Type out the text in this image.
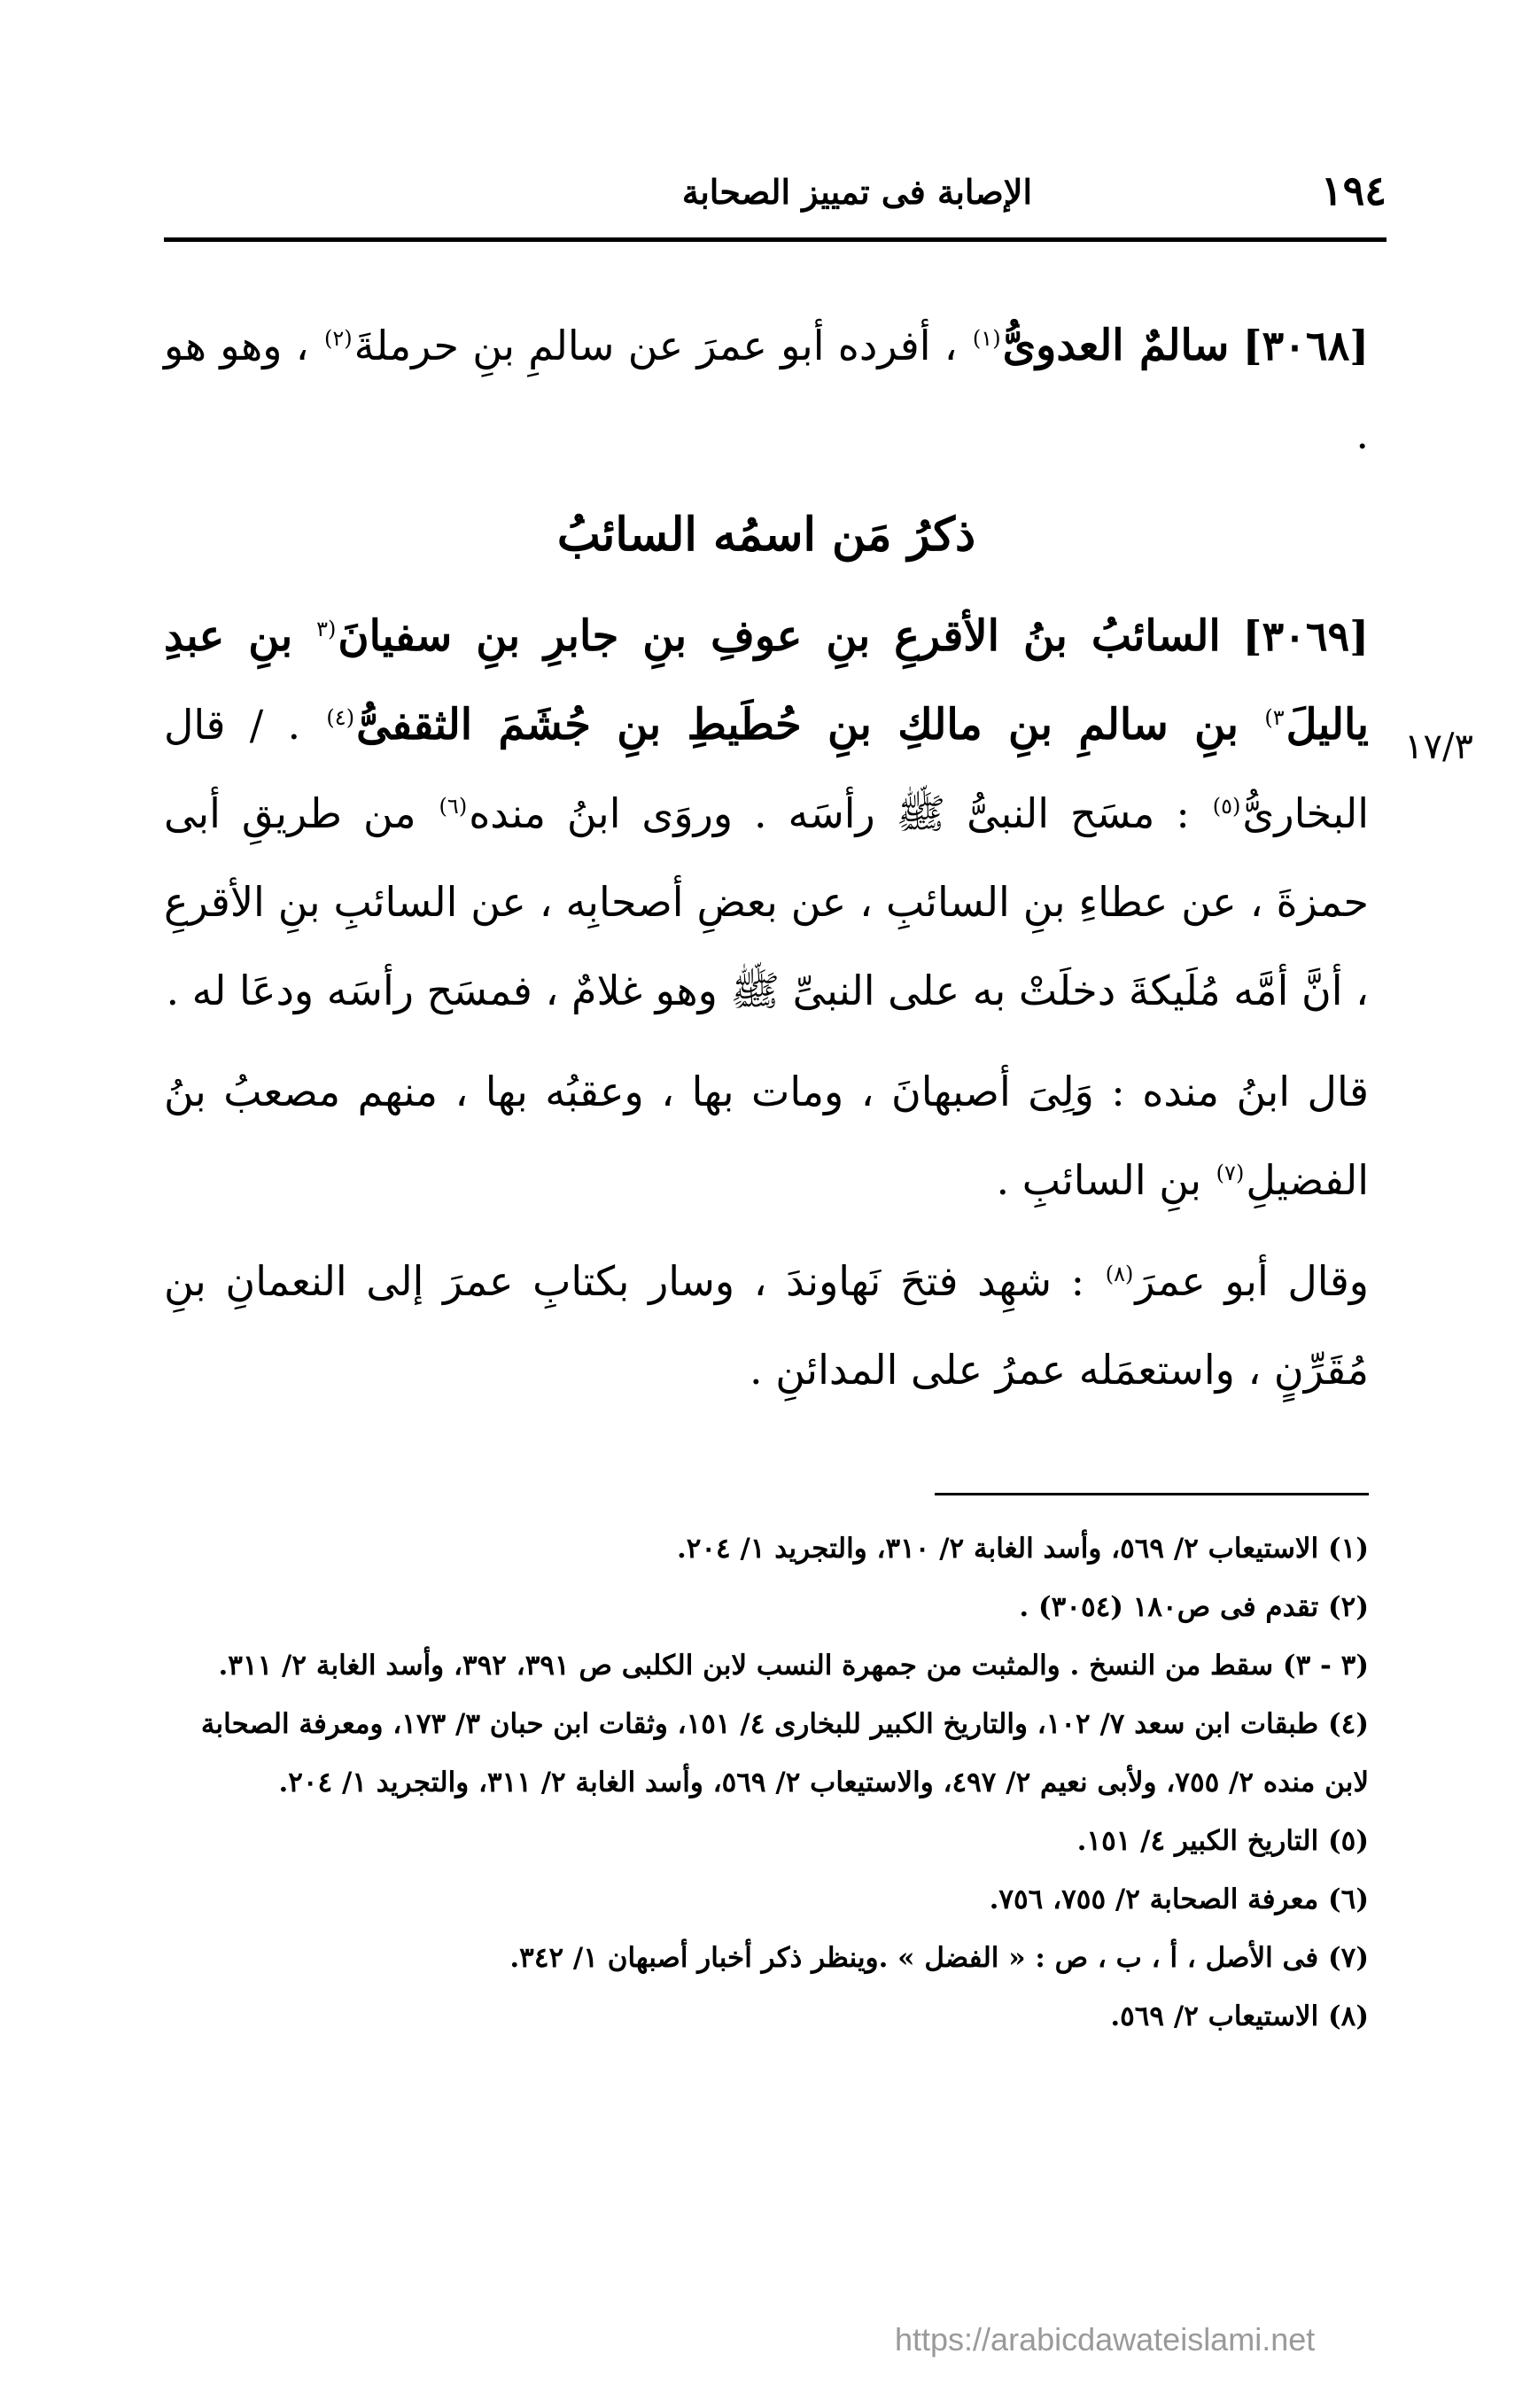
١٩٤
الإصابة فى تمييز الصحابة
١٧/٣

[٣٠٦٨] سالمٌ العدوىُّ$^{(١)}$ ، أفرده أبو عمرَ عن سالمِ بنِ حرملةَ$^{(٢)}$ ، وهو هو .

ذكرُ مَن اسمُه السائبُ

[٣٠٦٩] السائبُ بنُ الأقرعِ بنِ عوفِ بنِ جابرِ بنِ سفيانَ$^{(٣}$ بنِ عبدِ ياليلَ$^{٣)}$ بنِ سالمِ بنِ مالكِ بنِ حُطَيطِ بنِ جُشَمَ الثقفىُّ$^{(٤)}$ . / قال البخارىُّ$^{(٥)}$ : مسَح النبىُّ ﷺ رأسَه . وروَى ابنُ منده$^{(٦)}$ من طريقِ أبى حمزةَ ، عن عطاءِ بنِ السائبِ ، عن بعضِ أصحابِه ، عن السائبِ بنِ الأقرعِ ، أنَّ أمَّه مُلَيكةَ دخلَتْ به على النبىِّ ﷺ وهو غلامٌ ، فمسَح رأسَه ودعَا له .

قال ابنُ منده : وَلِىَ أصبهانَ ، ومات بها ، وعقبُه بها ، منهم مصعبُ بنُ الفضيلِ$^{(٧)}$ بنِ السائبِ .

وقال أبو عمرَ$^{(٨)}$ : شهِد فتحَ نَهاوندَ ، وسار بكتابِ عمرَ إلى النعمانِ بنِ مُقَرِّنٍ ، واستعمَله عمرُ على المدائنِ .

(١) الاستيعاب ٢/ ٥٦٩، وأسد الغابة ٢/ ٣١٠، والتجريد ١/ ٢٠٤.

(٢) تقدم فى ص١٨٠ (٣٠٥٤) .

(٣ - ٣) سقط من النسخ . والمثبت من جمهرة النسب لابن الكلبى ص ٣٩١، ٣٩٢، وأسد الغابة ٢/ ٣١١.

(٤) طبقات ابن سعد ٧/ ١٠٢، والتاريخ الكبير للبخارى ٤/ ١٥١، وثقات ابن حبان ٣/ ١٧٣، ومعرفة الصحابة لابن منده ٢/ ٧٥٥، ولأبى نعيم ٢/ ٤٩٧، والاستيعاب ٢/ ٥٦٩، وأسد الغابة ٢/ ٣١١، والتجريد ١/ ٢٠٤.

(٥) التاريخ الكبير ٤/ ١٥١.

(٦) معرفة الصحابة ٢/ ٧٥٥، ٧٥٦.

(٧) فى الأصل ، أ ، ب ، ص : « الفضل » .وينظر ذكر أخبار أصبهان ١/ ٣٤٢.

(٨) الاستيعاب ٢/ ٥٦٩.

https://arabicdawateislami.net
